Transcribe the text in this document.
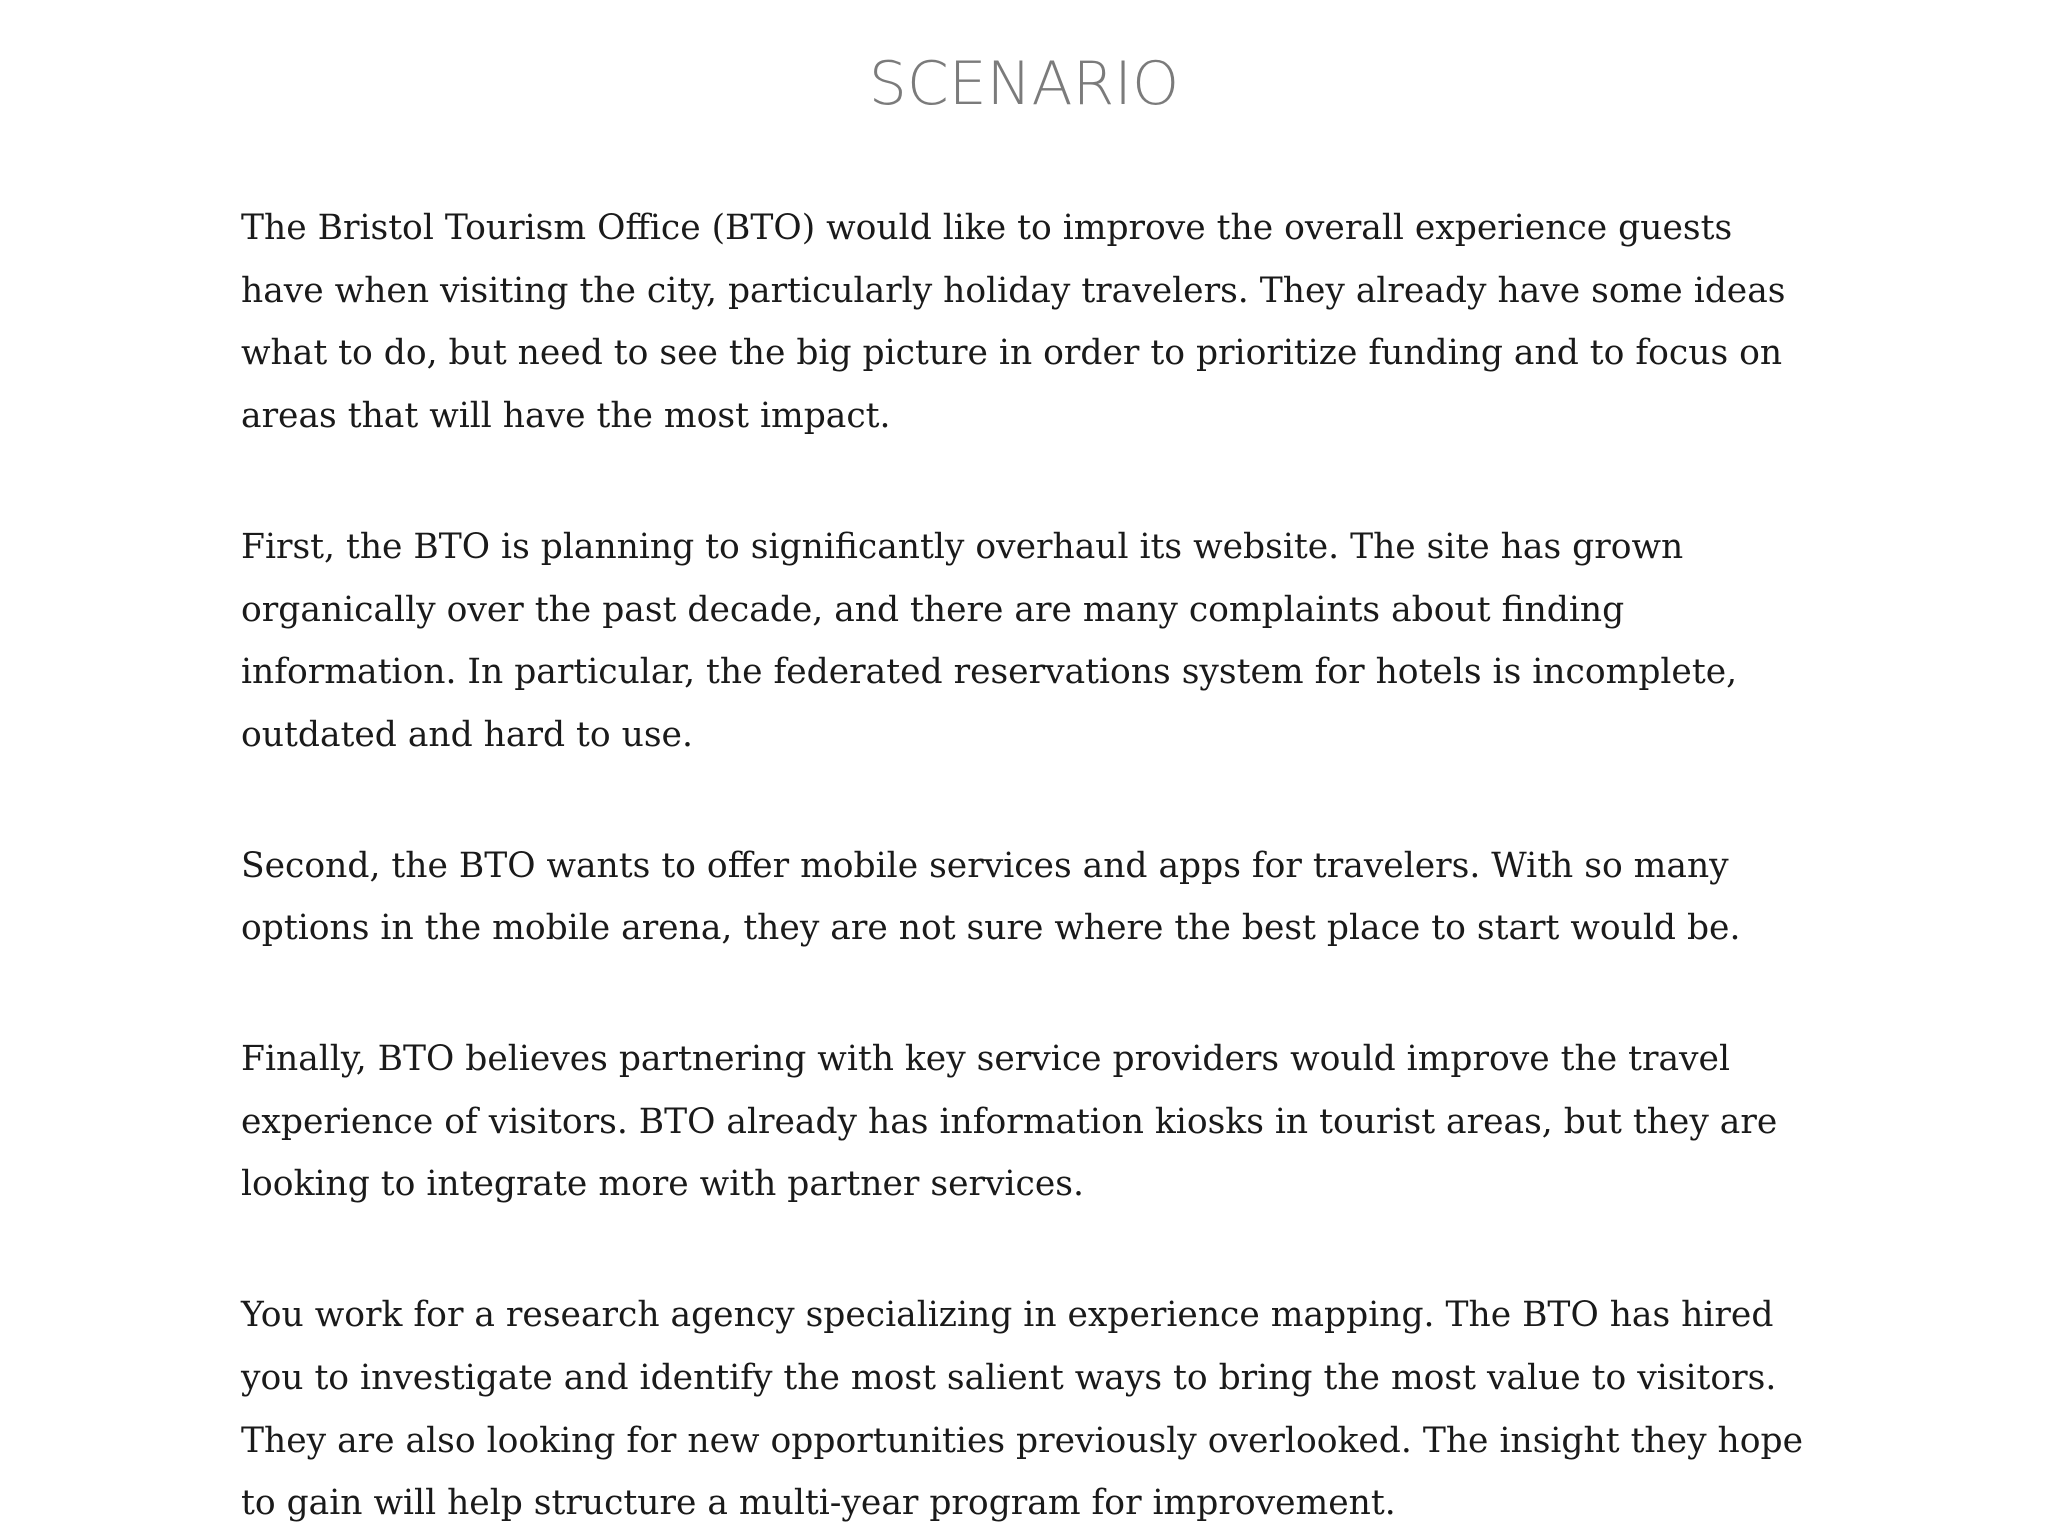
SCENARIO

The Bristol Tourism Office (BTO) would like to improve the overall experience guests have when visiting the city, particularly holiday travelers. They already have some ideas what to do, but need to see the big picture in order to prioritize funding and to focus on areas that will have the most impact.

First, the BTO is planning to significantly overhaul its website. The site has grown organically over the past decade, and there are many complaints about finding information. In particular, the federated reservations system for hotels is incomplete, outdated and hard to use.

Second, the BTO wants to offer mobile services and apps for travelers. With so many options in the mobile arena, they are not sure where the best place to start would be.

Finally, BTO believes partnering with key service providers would improve the travel experience of visitors. BTO already has information kiosks in tourist areas, but they are looking to integrate more with partner services.

You work for a research agency specializing in experience mapping. The BTO has hired you to investigate and identify the most salient ways to bring the most value to visitors. They are also looking for new opportunities previously overlooked. The insight they hope to gain will help structure a multi-year program for improvement.
